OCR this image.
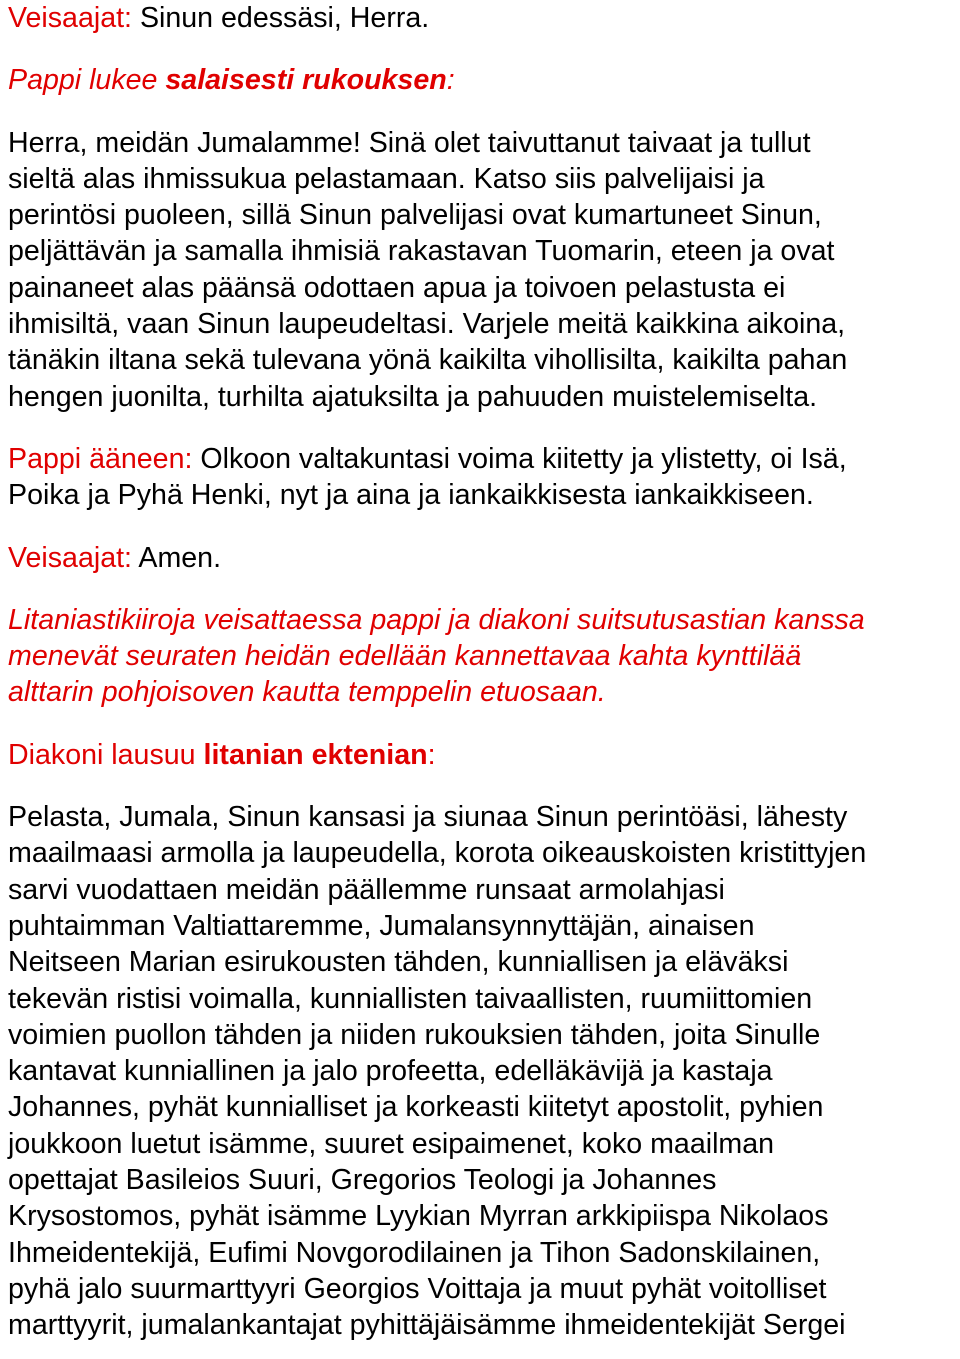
Veisaajat: Sinun edessäsi, Herra.
Pappi lukee salaisesti rukouksen:
Herra, meidän Jumalamme! Sinä olet taivuttanut taivaat ja tullut
sieltä alas ihmissukua pelastamaan. Katso siis palvelijaisi ja
perintösi puoleen, sillä Sinun palvelijasi ovat kumartuneet Sinun,
peljättävän ja samalla ihmisiä rakastavan Tuomarin, eteen ja ovat
painaneet alas päänsä odottaen apua ja toivoen pelastusta ei
ihmisiltä, vaan Sinun laupeudeltasi. Varjele meitä kaikkina aikoina,
tänäkin iltana sekä tulevana yönä kaikilta vihollisilta, kaikilta pahan
hengen juonilta, turhilta ajatuksilta ja pahuuden muistelemiselta.
Pappi ääneen: Olkoon valtakuntasi voima kiitetty ja ylistetty, oi Isä,
Poika ja Pyhä Henki, nyt ja aina ja iankaikkisesta iankaikkiseen.
Veisaajat: Amen.
Litaniastikiiroja veisattaessa pappi ja diakoni suitsutusastian kanssa
menevät seuraten heidän edellään kannettavaa kahta kynttilää
alttarin pohjoisoven kautta temppelin etuosaan.
Diakoni lausuu litanian ektenian:
Pelasta, Jumala, Sinun kansasi ja siunaa Sinun perintöäsi, lähesty
maailmaasi armolla ja laupeudella, korota oikeauskoisten kristittyjen
sarvi vuodattaen meidän päällemme runsaat armolahjasi
puhtaimman Valtiattaremme, Jumalansynnyttäjän, ainaisen
Neitseen Marian esirukousten tähden, kunniallisen ja eläväksi
tekevän ristisi voimalla, kunniallisten taivaallisten, ruumiittomien
voimien puollon tähden ja niiden rukouksien tähden, joita Sinulle
kantavat kunniallinen ja jalo profeetta, edelläkävijä ja kastaja
Johannes, pyhät kunnialliset ja korkeasti kiitetyt apostolit, pyhien
joukkoon luetut isämme, suuret esipaimenet, koko maailman
opettajat Basileios Suuri, Gregorios Teologi ja Johannes
Krysostomos, pyhät isämme Lyykian Myrran arkkipiispa Nikolaos
Ihmeidentekijä, Eufimi Novgorodilainen ja Tihon Sadonskilainen,
pyhä jalo suurmarttyyri Georgios Voittaja ja muut pyhät voitolliset
marttyyrit, jumalankantajat pyhittäjäisämme ihmeidentekijät Sergei
